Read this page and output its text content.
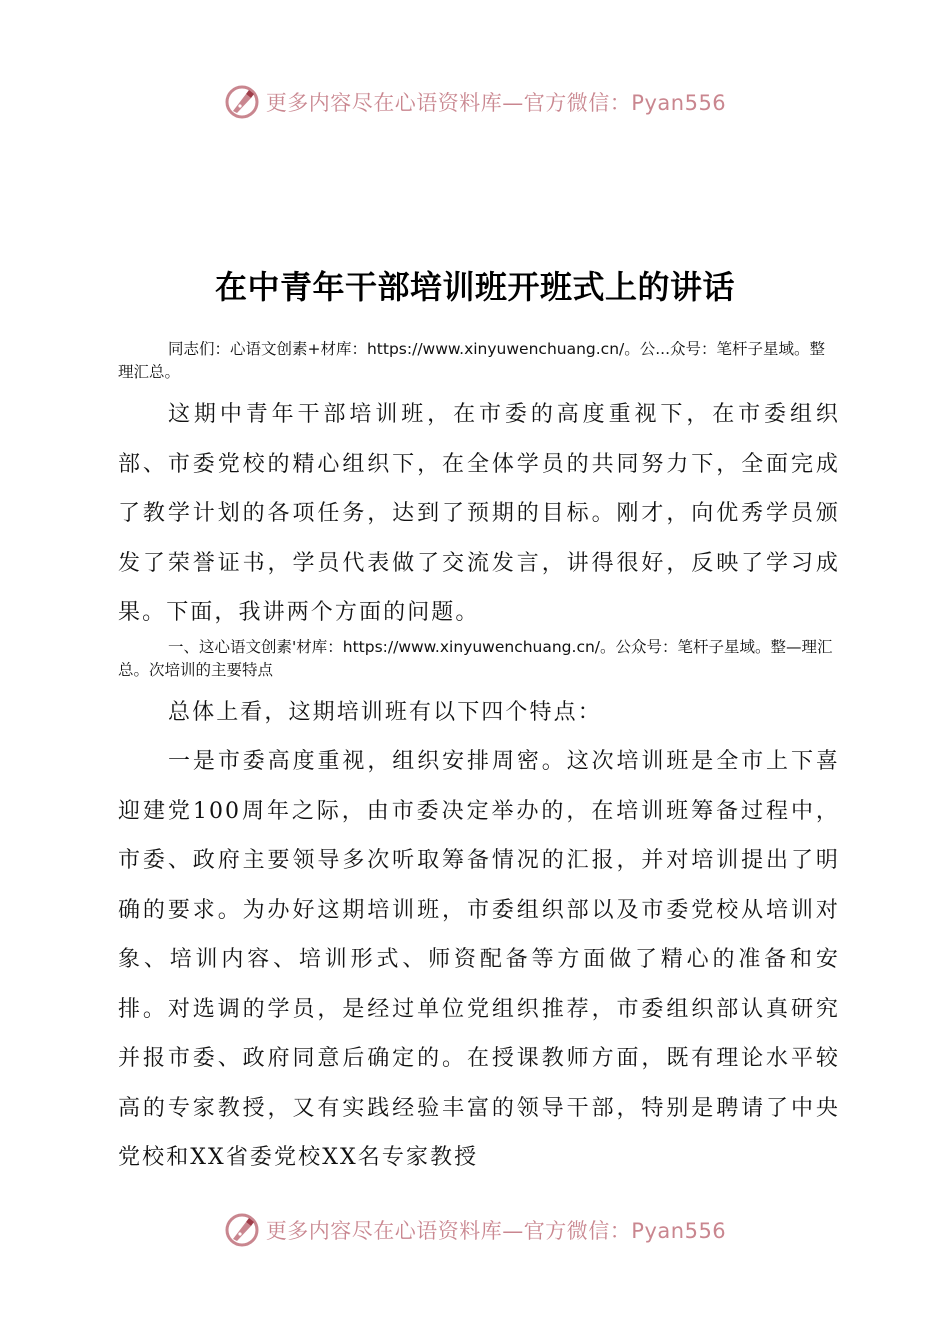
更多内容尽在心语资料库—官方微信：Pyan556
在中青年干部培训班开班式上的讲话

同志们：心语文创素+材库：https://www.xinyuwenchuang.cn/。公...众号：笔杆子星域。整理汇总。

这期中青年干部培训班，在市委的高度重视下，在市委组织部、市委党校的精心组织下，在全体学员的共同努力下，全面完成了教学计划的各项任务，达到了预期的目标。刚才，向优秀学员颁发了荣誉证书，学员代表做了交流发言，讲得很好，反映了学习成果。下面，我讲两个方面的问题。

一、这心语文创素'材库：https://www.xinyuwenchuang.cn/。公众号：笔杆子星域。整—理汇总。次培训的主要特点

总体上看，这期培训班有以下四个特点：

一是市委高度重视，组织安排周密。这次培训班是全市上下喜迎建党100周年之际，由市委决定举办的，在培训班筹备过程中，市委、政府主要领导多次听取筹备情况的汇报，并对培训提出了明确的要求。为办好这期培训班，市委组织部以及市委党校从培训对象、培训内容、培训形式、师资配备等方面做了精心的准备和安排。对选调的学员，是经过单位党组织推荐，市委组织部认真研究并报市委、政府同意后确定的。在授课教师方面，既有理论水平较高的专家教授，又有实践经验丰富的领导干部，特别是聘请了中央党校和XX省委党校XX名专家教授

更多内容尽在心语资料库—官方微信：Pyan556
